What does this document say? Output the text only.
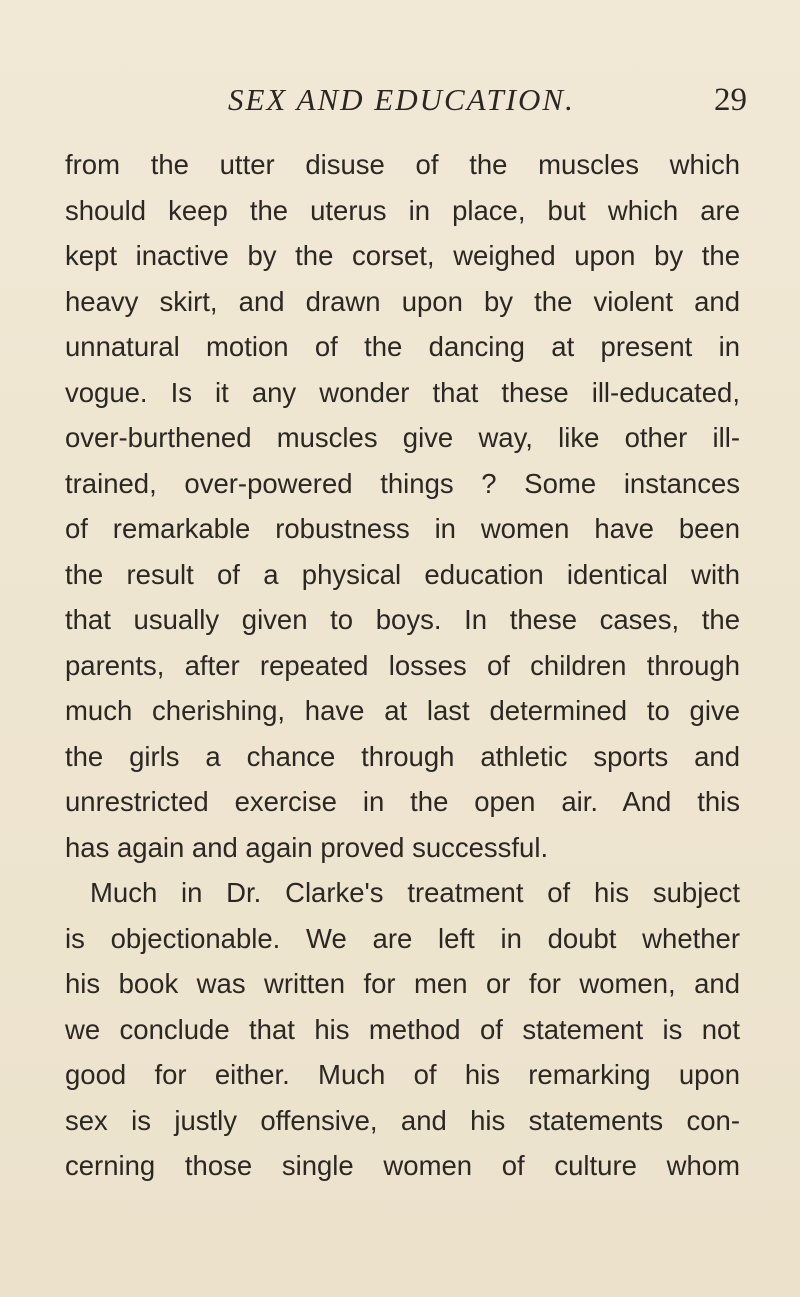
SEX AND EDUCATION.	29
from the utter disuse of the muscles which
should keep the uterus in place, but which are
kept inactive by the corset, weighed upon by the
heavy skirt, and drawn upon by the violent and
unnatural motion of the dancing at present in
vogue. Is it any wonder that these ill-educated,
over-burthened muscles give way, like other ill-
trained, over-powered things ? Some instances
of remarkable robustness in women have been
the result of a physical education identical with
that usually given to boys. In these cases, the
parents, after repeated losses of children through
much cherishing, have at last determined to give
the girls a chance through athletic sports and
unrestricted exercise in the open air. And this
has again and again proved successful.
Much in Dr. Clarke's treatment of his subject
is objectionable. We are left in doubt whether
his book was written for men or for women, and
we conclude that his method of statement is not
good for either. Much of his remarking upon
sex is justly offensive, and his statements con-
cerning those single women of culture whom
